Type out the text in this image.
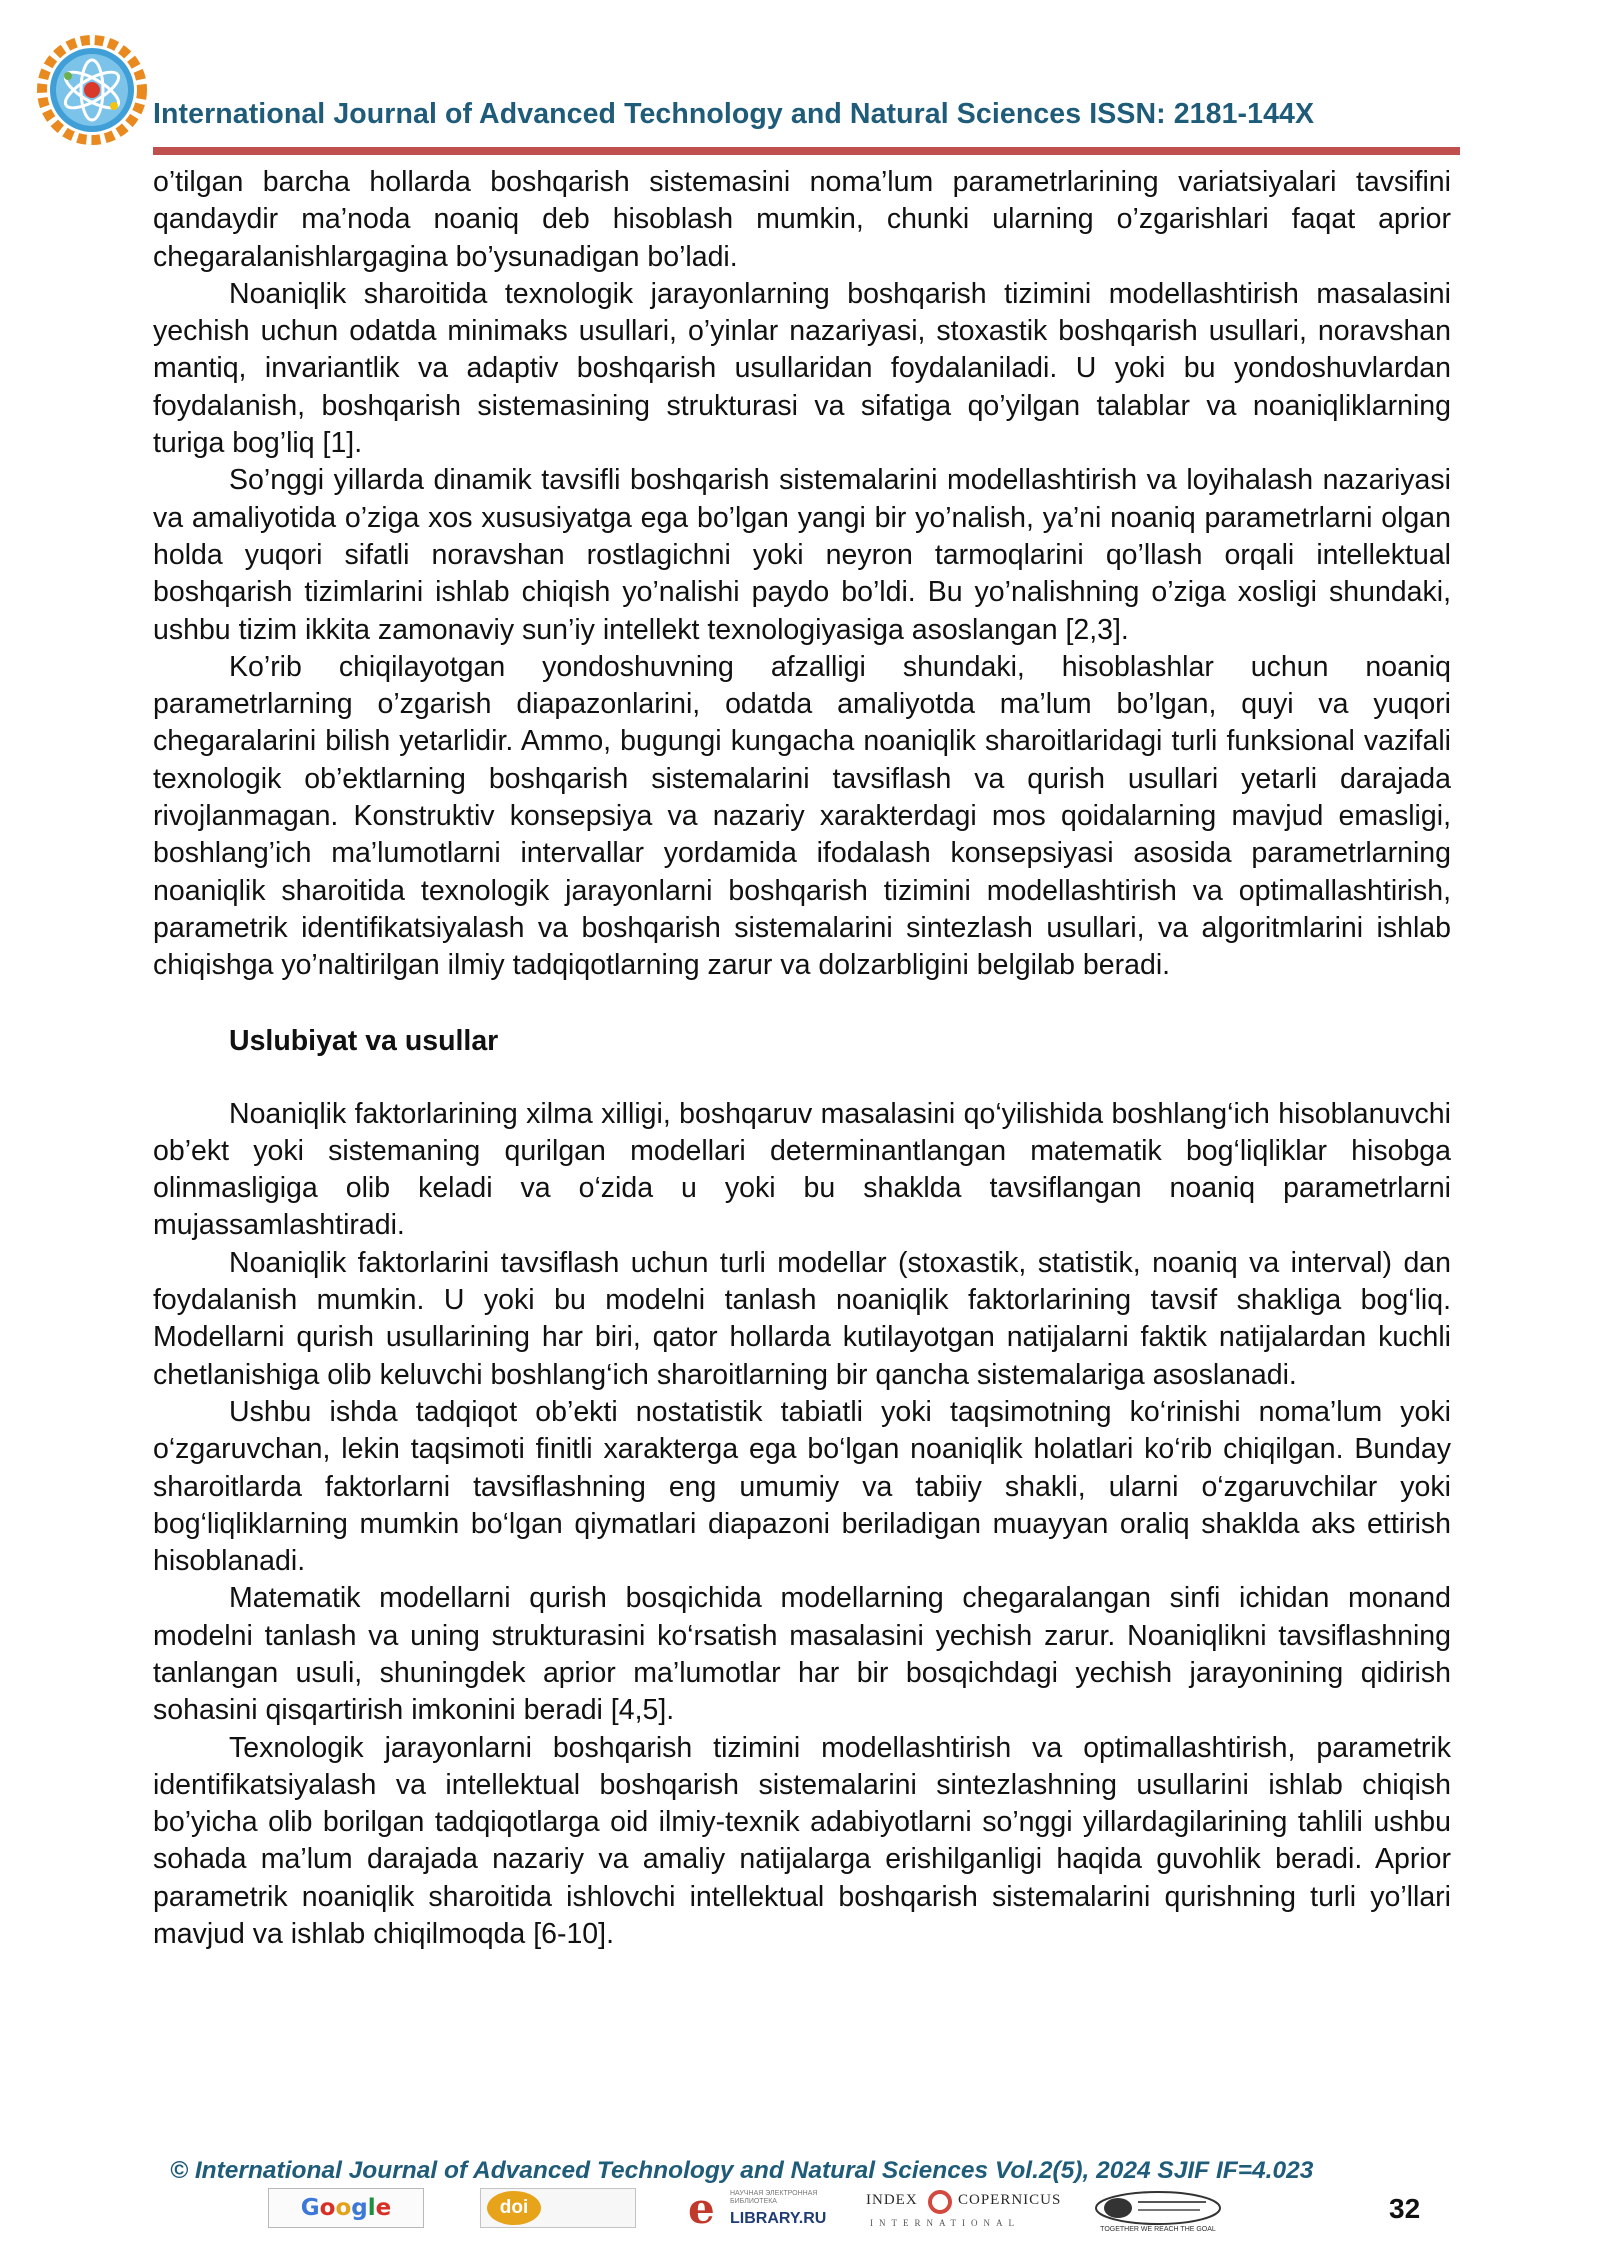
International Journal of Advanced Technology and Natural Sciences ISSN: 2181-144X

o’tilgan barcha hollarda boshqarish sistemasini noma’lum parametrlarining variatsiyalari tavsifini qandaydir ma’noda noaniq deb hisoblash mumkin, chunki ularning o’zgarishlari faqat aprior chegaralanishlargagina bo’ysunadigan bo’ladi.

Noaniqlik sharoitida texnologik jarayonlarning boshqarish tizimini modellashtirish masalasini yechish uchun odatda minimaks usullari, o’yinlar nazariyasi, stoxastik boshqarish usullari, noravshan mantiq, invariantlik va adaptiv boshqarish usullaridan foydalaniladi. U yoki bu yondoshuvlardan foydalanish, boshqarish sistemasining strukturasi va sifatiga qo’yilgan talablar va noaniqliklarning turiga bog’liq [1].

So’nggi yillarda dinamik tavsifli boshqarish sistemalarini modellashtirish va loyihalash nazariyasi va amaliyotida o’ziga xos xususiyatga ega bo’lgan yangi bir yo’nalish, ya’ni noaniq parametrlarni olgan holda yuqori sifatli noravshan rostlagichni yoki neyron tarmoqlarini qo’llash orqali intellektual boshqarish tizimlarini ishlab chiqish yo’nalishi paydo bo’ldi. Bu yo’nalishning o’ziga xosligi shundaki, ushbu tizim ikkita zamonaviy sun’iy intellekt texnologiyasiga asoslangan [2,3].

Ko’rib chiqilayotgan yondoshuvning afzalligi shundaki, hisoblashlar uchun noaniq parametrlarning o’zgarish diapazonlarini, odatda amaliyotda ma’lum bo’lgan, quyi va yuqori chegaralarini bilish yetarlidir. Ammo, bugungi kungacha noaniqlik sharoitlaridagi turli funksional vazifali texnologik ob’ektlarning boshqarish sistemalarini tavsiflash va qurish usullari yetarli darajada rivojlanmagan. Konstruktiv konsepsiya va nazariy xarakterdagi mos qoidalarning mavjud emasligi, boshlang’ich ma’lumotlarni intervallar yordamida ifodalash konsepsiyasi asosida parametrlarning noaniqlik sharoitida texnologik jarayonlarni boshqarish tizimini modellashtirish va optimallashtirish, parametrik identifikatsiyalash va boshqarish sistemalarini sintezlash usullari, va algoritmlarini ishlab chiqishga yo’naltirilgan ilmiy tadqiqotlarning zarur va dolzarbligini belgilab beradi.

Uslubiyat va usullar

Noaniqlik faktorlarining xilma xilligi, boshqaruv masalasini qo‘yilishida boshlang‘ich hisoblanuvchi ob’ekt yoki sistemaning qurilgan modellari determinantlangan matematik bog‘liqliklar hisobga olinmasligiga olib keladi va o‘zida u yoki bu shaklda tavsiflangan noaniq parametrlarni mujassamlashtiradi.

Noaniqlik faktorlarini tavsiflash uchun turli modellar (stoxastik, statistik, noaniq va interval) dan foydalanish mumkin. U yoki bu modelni tanlash noaniqlik faktorlarining tavsif shakliga bog‘liq. Modellarni qurish usullarining har biri, qator hollarda kutilayotgan natijalarni faktik natijalardan kuchli chetlanishiga olib keluvchi boshlang‘ich sharoitlarning bir qancha sistemalariga asoslanadi.

Ushbu ishda tadqiqot ob’ekti nostatistik tabiatli yoki taqsimotning ko‘rinishi noma’lum yoki o‘zgaruvchan, lekin taqsimoti finitli xarakterga ega bo‘lgan noaniqlik holatlari ko‘rib chiqilgan. Bunday sharoitlarda faktorlarni tavsiflashning eng umumiy va tabiiy shakli, ularni o‘zgaruvchilar yoki bog‘liqliklarning mumkin bo‘lgan qiymatlari diapazoni beriladigan muayyan oraliq shaklda aks ettirish hisoblanadi.

Matematik modellarni qurish bosqichida modellarning chegaralangan sinfi ichidan monand modelni tanlash va uning strukturasini ko‘rsatish masalasini yechish zarur. Noaniqlikni tavsiflashning tanlangan usuli, shuningdek aprior ma’lumotlar har bir bosqichdagi yechish jarayonining qidirish sohasini qisqartirish imkonini beradi [4,5].

Texnologik jarayonlarni boshqarish tizimini modellashtirish va optimallashtirish, parametrik identifikatsiyalash va intellektual boshqarish sistemalarini sintezlashning usullarini ishlab chiqish bo’yicha olib borilgan tadqiqotlarga oid ilmiy-texnik adabiyotlarni so’nggi yillardagilarining tahlili ushbu sohada ma’lum darajada nazariy va amaliy natijalarga erishilganligi haqida guvohlik beradi. Aprior parametrik noaniqlik sharoitida ishlovchi intellektual boshqarish sistemalarini qurishning turli yo’llari mavjud va ishlab chiqilmoqda [6-10].

© International Journal of Advanced Technology and Natural Sciences Vol.2(5), 2024 SJIF IF=4.023
32
G o o g l e	doi	e НАУЧНАЯ ЭЛЕКТРОННАЯ БИБЛИОТЕКА
LIBRARY.RU
INDEX	COPERNICUS
INTERNATIONAL
TOGETHER WE REACH THE GOAL
